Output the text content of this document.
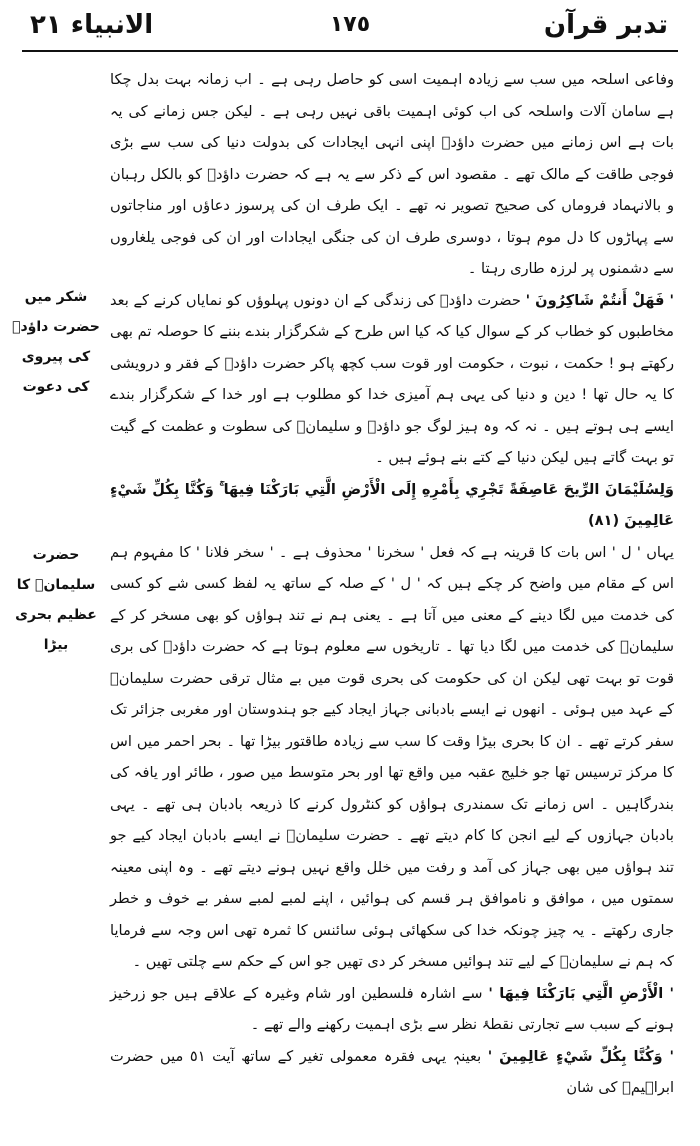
تدبر قرآن
١٧٥
الانبیاء ٢١
شکر میں حضرت داؤدؑ کی پیروی کی دعوت
حضرت سلیمانؑ کا عظیم بحری بیڑا

وفاعی اسلحہ میں سب سے زیادہ اہمیت اسی کو حاصل رہی ہے ۔ اب زمانہ بہت بدل چکا ہے سامان آلات واسلحہ کی اب کوئی اہمیت باقی نہیں رہی ہے ۔ لیکن جس زمانے کی یہ بات ہے اس زمانے میں حضرت داؤدؑ اپنی انہی ایجادات کی بدولت دنیا کی سب سے بڑی فوجی طاقت کے مالک تھے ۔ مقصود اس کے ذکر سے یہ ہے کہ حضرت داؤدؑ کو بالکل رہبان و بالانہماد فروماں کی صحیح تصویر نہ تھے ۔ ایک طرف ان کی پرسوز دعاؤں اور مناجاتوں سے پہاڑوں کا دل موم ہوتا ، دوسری طرف ان کی جنگی ایجادات اور ان کی فوجی یلغاروں سے دشمنوں پر لرزہ طاری رہتا ۔

' فَهَلْ أَنتُمْ شَاكِرُونَ ' حضرت داؤدؑ کی زندگی کے ان دونوں پہلوؤں کو نمایاں کرنے کے بعد مخاطبوں کو خطاب کر کے سوال کیا کہ کیا اس طرح کے شکرگزار بندے بننے کا حوصلہ تم بھی رکھتے ہو ! حکمت ، نبوت ، حکومت اور قوت سب کچھ پاکر حضرت داؤدؑ کے فقر و درویشی کا یہ حال تھا ! دین و دنیا کی یہی ہم آمیزی خدا کو مطلوب ہے اور خدا کے شکرگزار بندے ایسے ہی ہوتے ہیں ۔ نہ کہ وہ ہیز لوگ جو داؤدؑ و سلیمانؑ کی سطوت و عظمت کے گیت تو بہت گاتے ہیں لیکن دنیا کے کتے بنے ہوئے ہیں ۔

وَلِسُلَيْمَانَ الرِّيحَ عَاصِفَةً تَجْرِي بِأَمْرِهِ إِلَى الْأَرْضِ الَّتِي بَارَكْنَا فِيهَا ۚ وَكُنَّا بِكُلِّ شَيْءٍ عَالِمِينَ (٨١)

یہاں ' ل ' اس بات کا قرینہ ہے کہ فعل ' سخرنا ' محذوف ہے ۔ ' سخر فلانا ' کا مفہوم ہم اس کے مقام میں واضح کر چکے ہیں کہ ' ل ' کے صلہ کے ساتھ یہ لفظ کسی شے کو کسی کی خدمت میں لگا دینے کے معنی میں آتا ہے ۔ یعنی ہم نے تند ہواؤں کو بھی مسخر کر کے سلیمانؑ کی خدمت میں لگا دیا تھا ۔ تاریخوں سے معلوم ہوتا ہے کہ حضرت داؤدؑ کی بری قوت تو بہت تھی لیکن ان کی حکومت کی بحری قوت میں بے مثال ترقی حضرت سلیمانؑ کے عہد میں ہوئی ۔ انھوں نے ایسے بادبانی جہاز ایجاد کیے جو ہندوستان اور مغربی جزائر تک سفر کرتے تھے ۔ ان کا بحری بیڑا وقت کا سب سے زیادہ طاقتور بیڑا تھا ۔ بحر احمر میں اس کا مرکز ترسیس تھا جو خلیج عقبہ میں واقع تھا اور بحر متوسط میں صور ، طائر اور یافہ کی بندرگاہیں ۔ اس زمانے تک سمندری ہواؤں کو کنٹرول کرنے کا ذریعہ بادبان ہی تھے ۔ یہی بادبان جہازوں کے لیے انجن کا کام دیتے تھے ۔ حضرت سلیمانؑ نے ایسے بادبان ایجاد کیے جو تند ہواؤں میں بھی جہاز کی آمد و رفت میں خلل واقع نہیں ہونے دیتے تھے ۔ وہ اپنی معینہ سمتوں میں ، موافق و ناموافق ہر قسم کی ہوائیں ، اپنے لمبے لمبے سفر بے خوف و خطر جاری رکھتے ۔ یہ چیز چونکہ خدا کی سکھائی ہوئی سائنس کا ثمرہ تھی اس وجہ سے فرمایا کہ ہم نے سلیمانؑ کے لیے تند ہوائیں مسخر کر دی تھیں جو اس کے حکم سے چلتی تھیں ۔

' الْأَرْضِ الَّتِي بَارَكْنَا فِيهَا ' سے اشارہ فلسطین اور شام وغیرہ کے علاقے ہیں جو زرخیز ہونے کے سبب سے تجارتی نقطۂ نظر سے بڑی اہمیت رکھنے والے تھے ۔

' وَكُنَّا بِكُلِّ شَيْءٍ عَالِمِينَ ' بعینہٖ یہی فقرہ معمولی تغیر کے ساتھ آیت ٥١ میں حضرت ابراہیمؑ کی شان
